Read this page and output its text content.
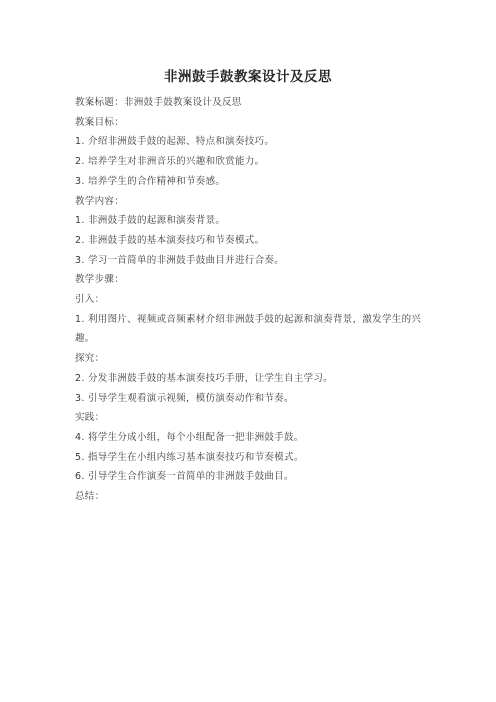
非洲鼓手鼓教案设计及反思
教案标题：非洲鼓手鼓教案设计及反思
教案目标：
1. 介绍非洲鼓手鼓的起源、特点和演奏技巧。
2. 培养学生对非洲音乐的兴趣和欣赏能力。
3. 培养学生的合作精神和节奏感。
教学内容：
1. 非洲鼓手鼓的起源和演奏背景。
2. 非洲鼓手鼓的基本演奏技巧和节奏模式。
3. 学习一首简单的非洲鼓手鼓曲目并进行合奏。
教学步骤：
引入：
1. 利用图片、视频或音频素材介绍非洲鼓手鼓的起源和演奏背景，激发学生的兴趣。
探究：
2. 分发非洲鼓手鼓的基本演奏技巧手册，让学生自主学习。
3. 引导学生观看演示视频，模仿演奏动作和节奏。
实践：
4. 将学生分成小组，每个小组配备一把非洲鼓手鼓。
5. 指导学生在小组内练习基本演奏技巧和节奏模式。
6. 引导学生合作演奏一首简单的非洲鼓手鼓曲目。
总结：
